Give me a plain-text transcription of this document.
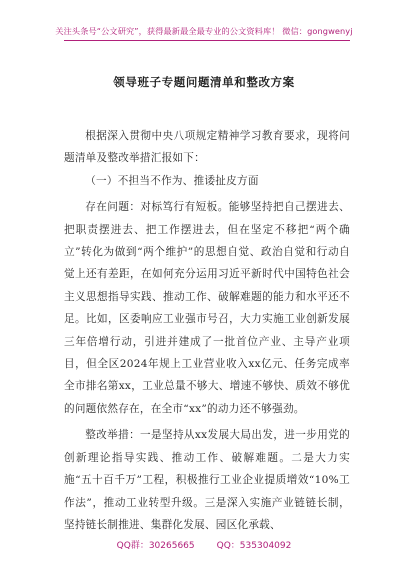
关注头条号“公文研究”，获得最新最全最专业的公文资料库！ 微信：gongwenyj
领导班子专题问题清单和整改方案

根据深入贯彻中央八项规定精神学习教育要求，现将问题清单及整改举措汇报如下：

（一）不担当不作为、推诿扯皮方面

存在问题：对标笃行有短板。能够坚持把自己摆进去、把职责摆进去、把工作摆进去，但在坚定不移把“两个确立”转化为做到“两个维护”的思想自觉、政治自觉和行动自觉上还有差距，在如何充分运用习近平新时代中国特色社会主义思想指导实践、推动工作、破解难题的能力和水平还不足。比如，区委响应工业强市号召，大力实施工业创新发展三年倍增行动，引进并建成了一批首位产业、主导产业项目，但全区2024年规上工业营业收入xx亿元、任务完成率全市排名第xx，工业总量不够大、增速不够快、质效不够优的问题依然存在，在全市“xx”的动力还不够强劲。

整改举措：一是坚持从xx发展大局出发，进一步用党的创新理论指导实践、推动工作、破解难题。二是大力实施“五十百千万”工程，积极推行工业企业提质增效“10%工作法”，推动工业转型升级。三是深入实施产业链链长制，坚持链长制推进、集群化发展、园区化承载、

QQ群：30265665 QQ：535304092
